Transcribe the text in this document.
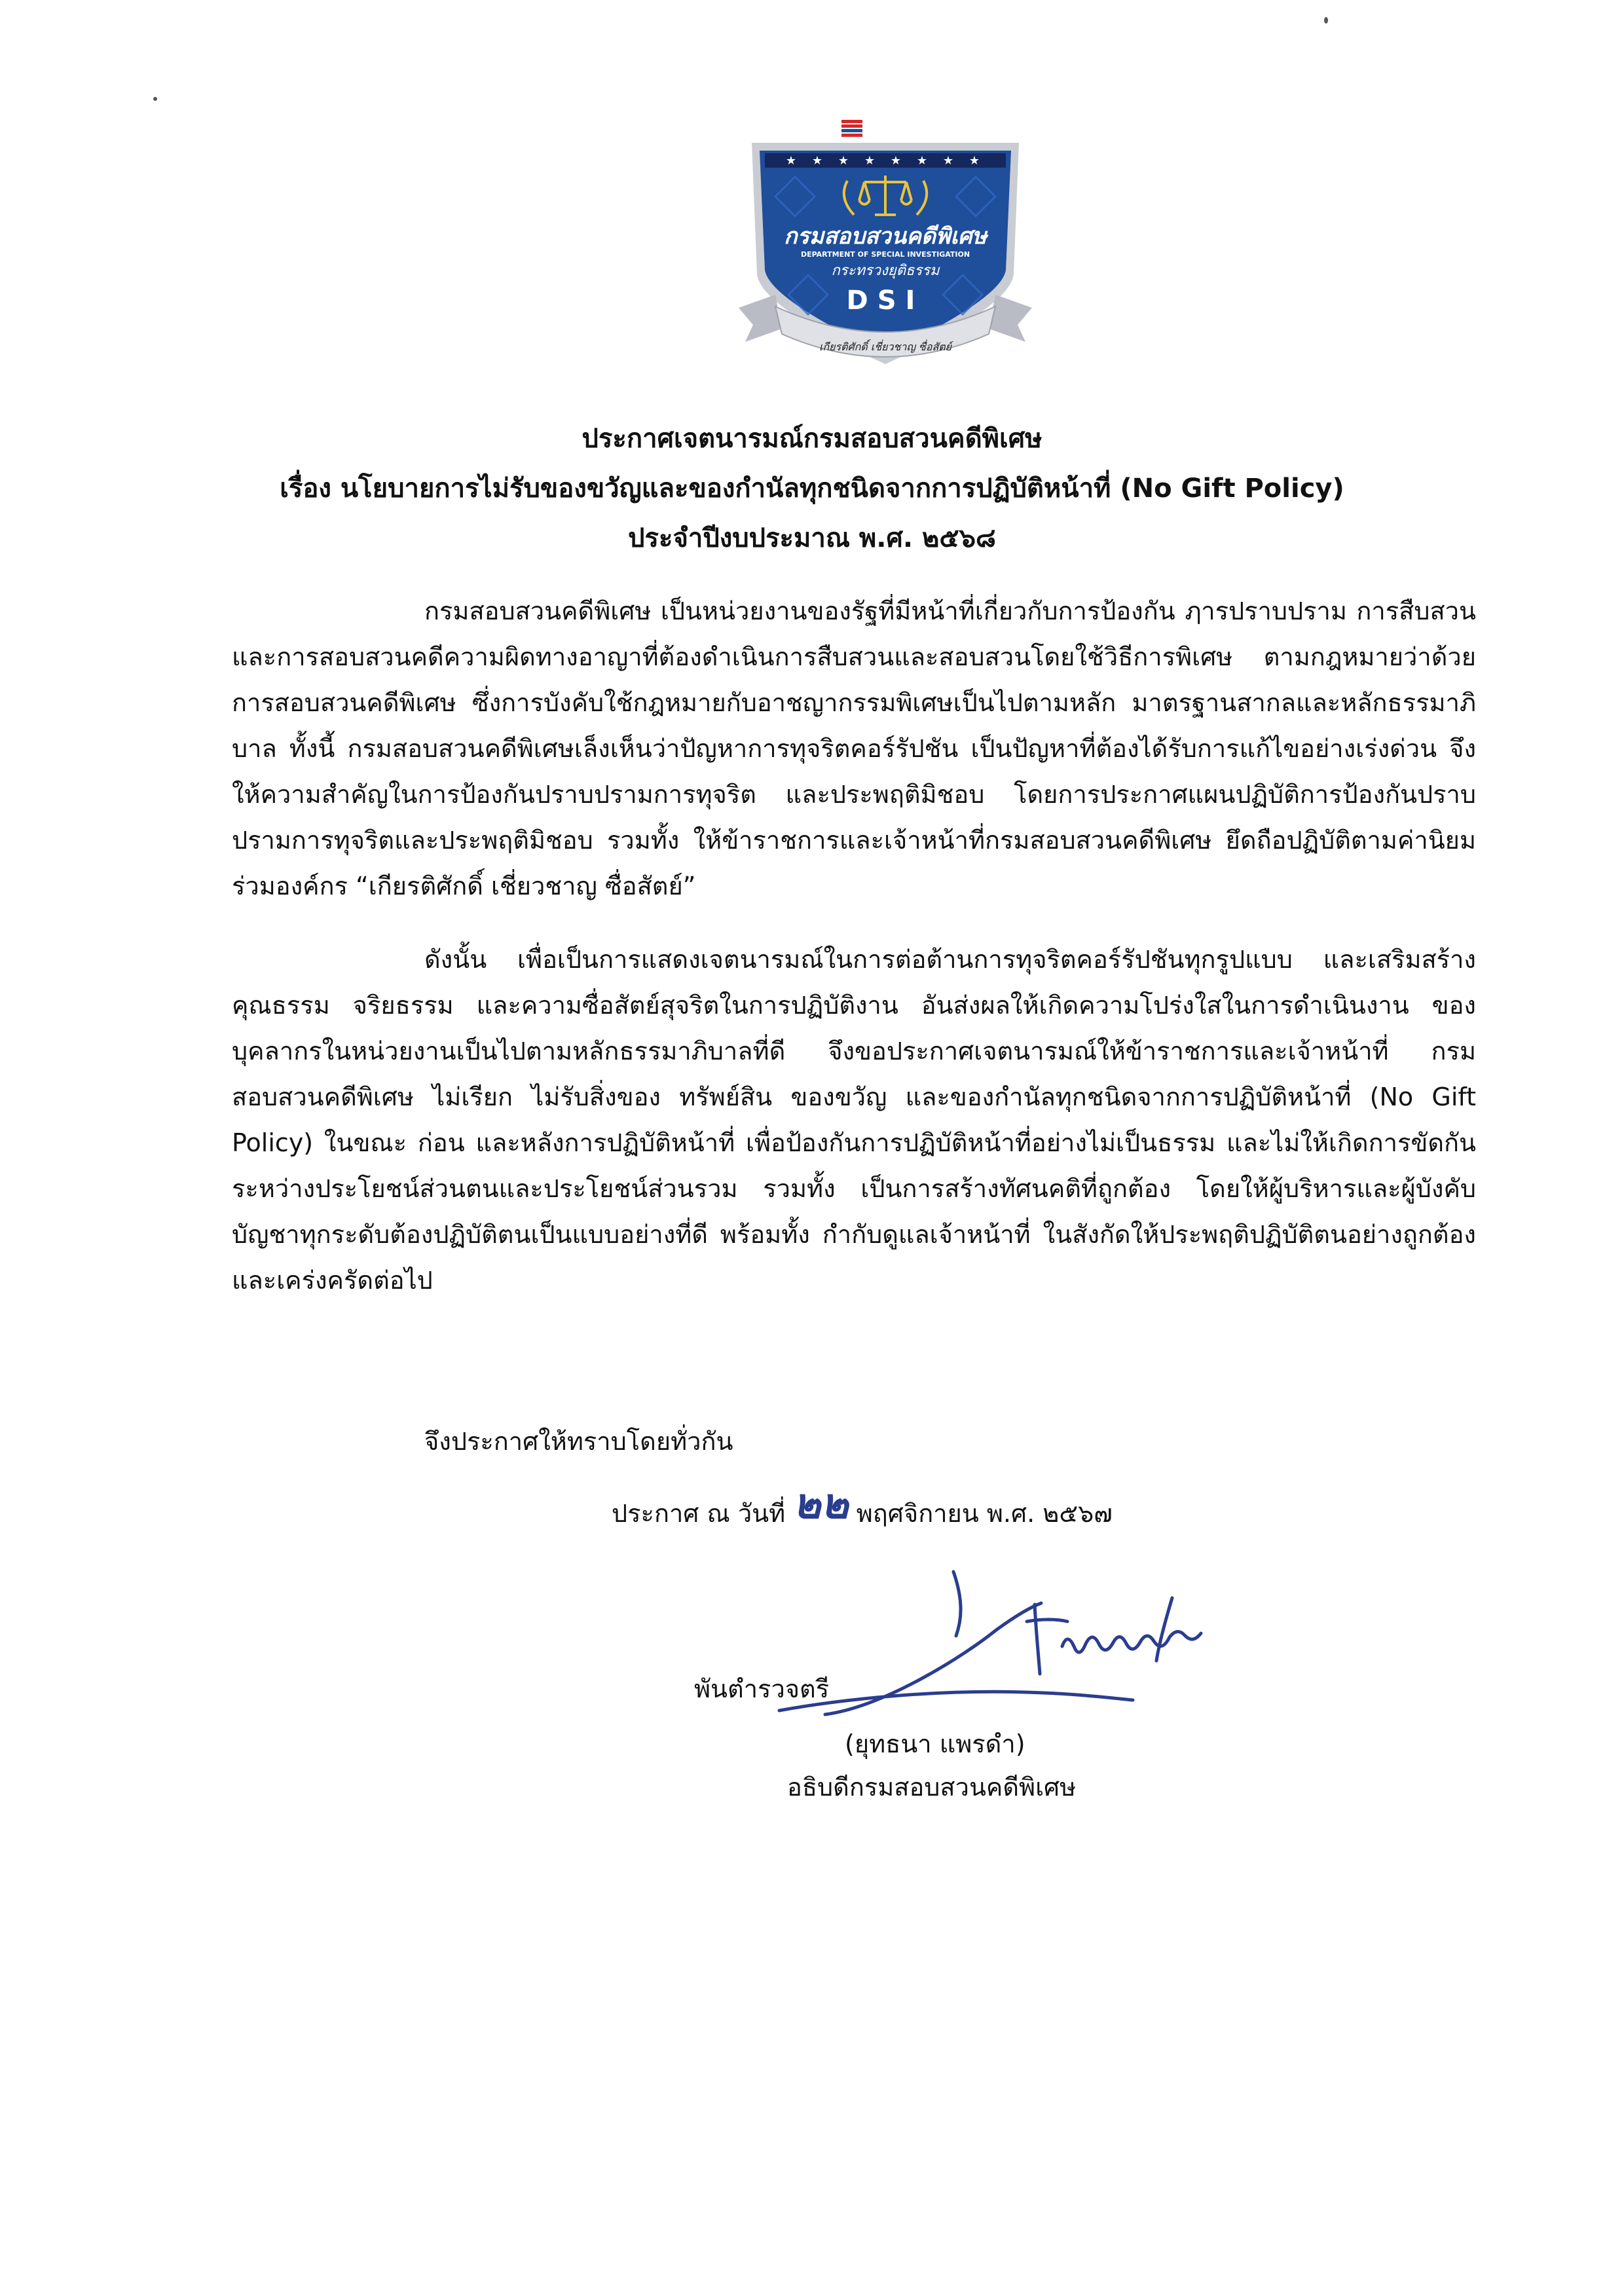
★ ★ ★ ★ ★ ★ ★ ★
กรมสอบสวนคดีพิเศษ
DEPARTMENT OF SPECIAL INVESTIGATION
กระทรวงยุติธรรม
DSI
เกียรติศักดิ์ เชี่ยวชาญ ซื่อสัตย์
ประกาศเจตนารมณ์กรมสอบสวนคดีพิเศษ
เรื่อง นโยบายการไม่รับของขวัญและของกำนัลทุกชนิดจากการปฏิบัติหน้าที่ (No Gift Policy)
ประจำปีงบประมาณ พ.ศ. ๒๕๖๘

กรมสอบสวนคดีพิเศษ เป็นหน่วยงานของรัฐที่มีหน้าที่เกี่ยวกับการป้องกัน ฦารปราบปราม การสืบสวนและการสอบสวนคดีความผิดทางอาญาที่ต้องดำเนินการสืบสวนและสอบสวนโดยใช้วิธีการพิเศษ ตามกฎหมายว่าด้วยการสอบสวนคดีพิเศษ ซึ่งการบังคับใช้กฎหมายกับอาชญากรรมพิเศษเป็นไปตามหลัก มาตรฐานสากลและหลักธรรมาภิบาล ทั้งนี้ กรมสอบสวนคดีพิเศษเล็งเห็นว่าปัญหาการทุจริตคอร์รัปชัน เป็นปัญหาที่ต้องได้รับการแก้ไขอย่างเร่งด่วน จึงให้ความสำคัญในการป้องกันปราบปรามการทุจริต และประพฤติมิชอบ โดยการประกาศแผนปฏิบัติการป้องกันปราบปรามการทุจริตและประพฤติมิชอบ รวมทั้ง ให้ข้าราชการและเจ้าหน้าที่กรมสอบสวนคดีพิเศษ ยึดถือปฏิบัติตามค่านิยมร่วมองค์กร “เกียรติศักดิ์ เชี่ยวชาญ ซื่อสัตย์”

ดังนั้น เพื่อเป็นการแสดงเจตนารมณ์ในการต่อต้านการทุจริตคอร์รัปชันทุกรูปแบบ และเสริมสร้าง คุณธรรม จริยธรรม และความซื่อสัตย์สุจริตในการปฏิบัติงาน อันส่งผลให้เกิดความโปร่งใสในการดำเนินงาน ของบุคลากรในหน่วยงานเป็นไปตามหลักธรรมาภิบาลที่ดี จึงขอประกาศเจตนารมณ์ให้ข้าราชการและเจ้าหน้าที่ กรมสอบสวนคดีพิเศษ ไม่เรียก ไม่รับสิ่งของ ทรัพย์สิน ของขวัญ และของกำนัลทุกชนิดจากการปฏิบัติหน้าที่ (No Gift Policy) ในขณะ ก่อน และหลังการปฏิบัติหน้าที่ เพื่อป้องกันการปฏิบัติหน้าที่อย่างไม่เป็นธรรม และไม่ให้เกิดการขัดกันระหว่างประโยชน์ส่วนตนและประโยชน์ส่วนรวม รวมทั้ง เป็นการสร้างทัศนคติที่ถูกต้อง โดยให้ผู้บริหารและผู้บังคับบัญชาทุกระดับต้องปฏิบัติตนเป็นแบบอย่างที่ดี พร้อมทั้ง กำกับดูแลเจ้าหน้าที่ ในสังกัดให้ประพฤติปฏิบัติตนอย่างถูกต้องและเคร่งครัดต่อไป

จึงประกาศให้ทราบโดยทั่วกัน
ประกาศ ณ วันที่ ๒๒ พฤศจิกายน พ.ศ. ๒๕๖๗
พันตำรวจตรี
(ยุทธนา แพรดำ)
อธิบดีกรมสอบสวนคดีพิเศษ
